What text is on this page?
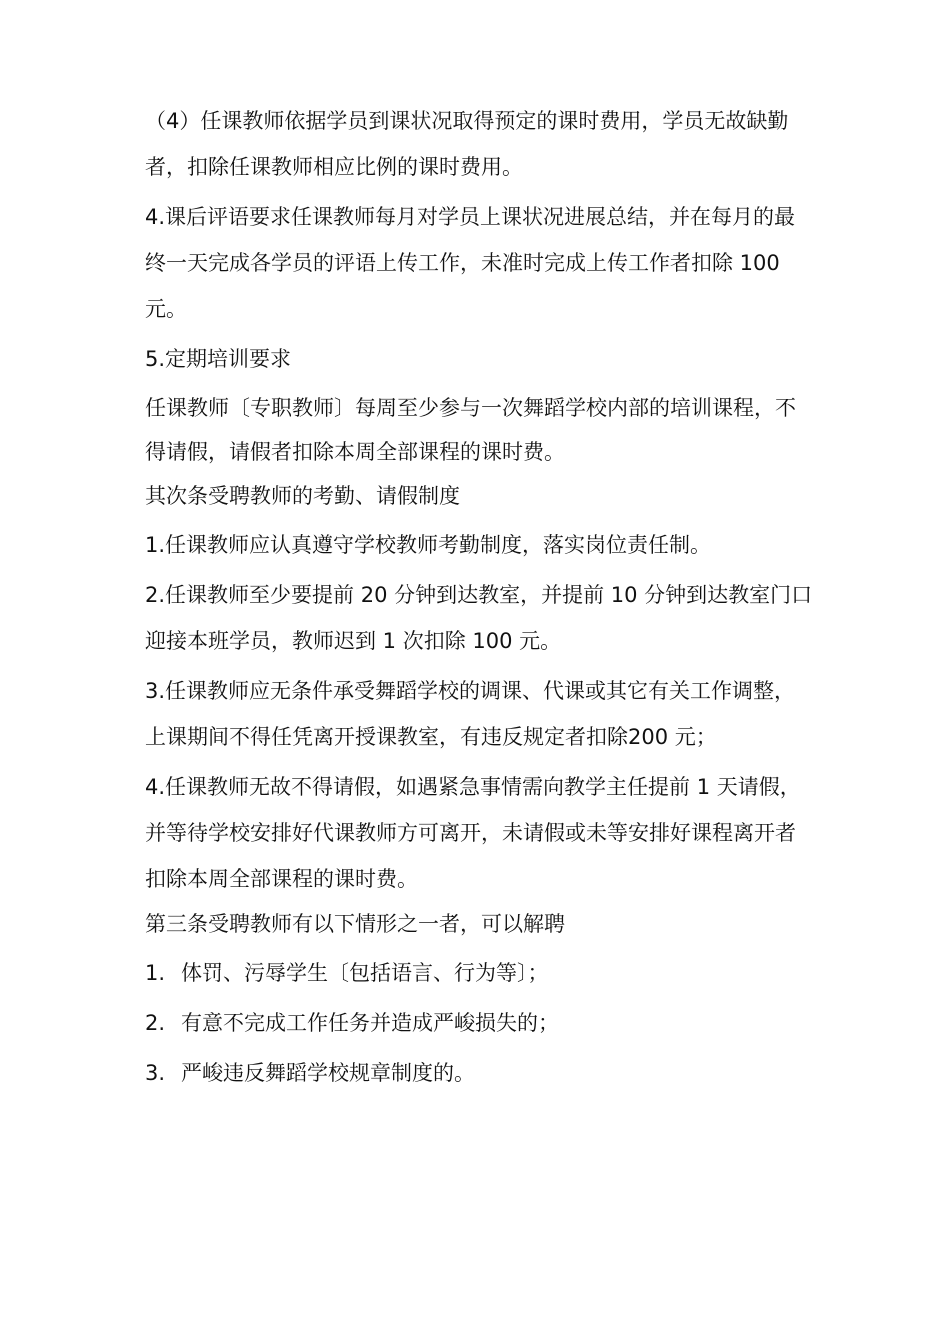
（4）任课教师依据学员到课状况取得预定的课时费用，学员无故缺勤者，扣除任课教师相应比例的课时费用。

4.课后评语要求任课教师每月对学员上课状况进展总结，并在每月的最终一天完成各学员的评语上传工作，未准时完成上传工作者扣除 100 元。

5.定期培训要求

任课教师〔专职教师〕每周至少参与一次舞蹈学校内部的培训课程，不得请假，请假者扣除本周全部课程的课时费。

其次条受聘教师的考勤、请假制度

1.任课教师应认真遵守学校教师考勤制度，落实岗位责任制。

2.任课教师至少要提前 20 分钟到达教室，并提前 10 分钟到达教室门口迎接本班学员，教师迟到 1 次扣除 100 元。

3.任课教师应无条件承受舞蹈学校的调课、代课或其它有关工作调整，上课期间不得任凭离开授课教室，有违反规定者扣除200 元；

4.任课教师无故不得请假，如遇紧急事情需向教学主任提前 1 天请假，并等待学校安排好代课教师方可离开，未请假或未等安排好课程离开者扣除本周全部课程的课时费。

第三条受聘教师有以下情形之一者，可以解聘

1. 体罚、污辱学生〔包括语言、行为等〕；
2. 有意不完成工作任务并造成严峻损失的；
3. 严峻违反舞蹈学校规章制度的。
